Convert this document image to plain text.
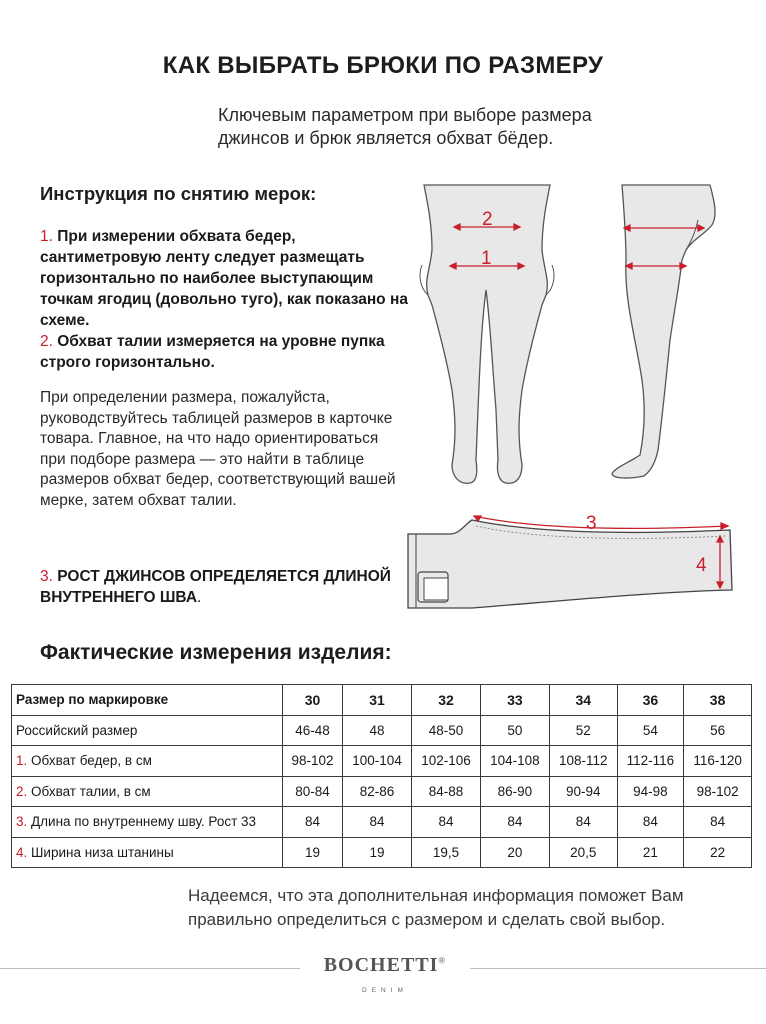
КАК ВЫБРАТЬ БРЮКИ ПО РАЗМЕРУ
Ключевым параметром при выборе размера джинсов и брюк является обхват бёдер.
Инструкция по снятию мерок:
1. При измерении обхвата бедер, сантиметровую ленту следует размещать горизонтально по наиболее выступающим точкам ягодиц (довольно туго), как показано на схеме.
2. Обхват талии измеряется на уровне пупка строго горизонтально.
При определении размера, пожалуйста, руководствуйтесь таблицей размеров в карточке товара. Главное, на что надо ориентироваться при подборе размера — это найти в таблице размеров обхват бедер, соответствующий вашей мерке, затем обхват талии.
3. РОСТ ДЖИНСОВ ОПРЕДЕЛЯЕТСЯ ДЛИНОЙ ВНУТРЕННЕГО ШВА.
2
1
3
4
Фактические измерения изделия:
Размер по маркировке	30	31	32	33	34	36	38
Российский размер	46-48	48	48-50	50	52	54	56
1. Обхват бедер, в см	98-102	100-104	102-106	104-108	108-112	112-116	116-120
2. Обхват талии, в см	80-84	82-86	84-88	86-90	90-94	94-98	98-102
3. Длина по внутреннему шву. Рост 33	84	84	84	84	84	84	84
4. Ширина низа штанины	19	19	19,5	20	20,5	21	22
Надеемся, что эта дополнительная информация поможет Вам правильно определиться с размером и сделать свой выбор.
BOCHETTI®
DENIM
